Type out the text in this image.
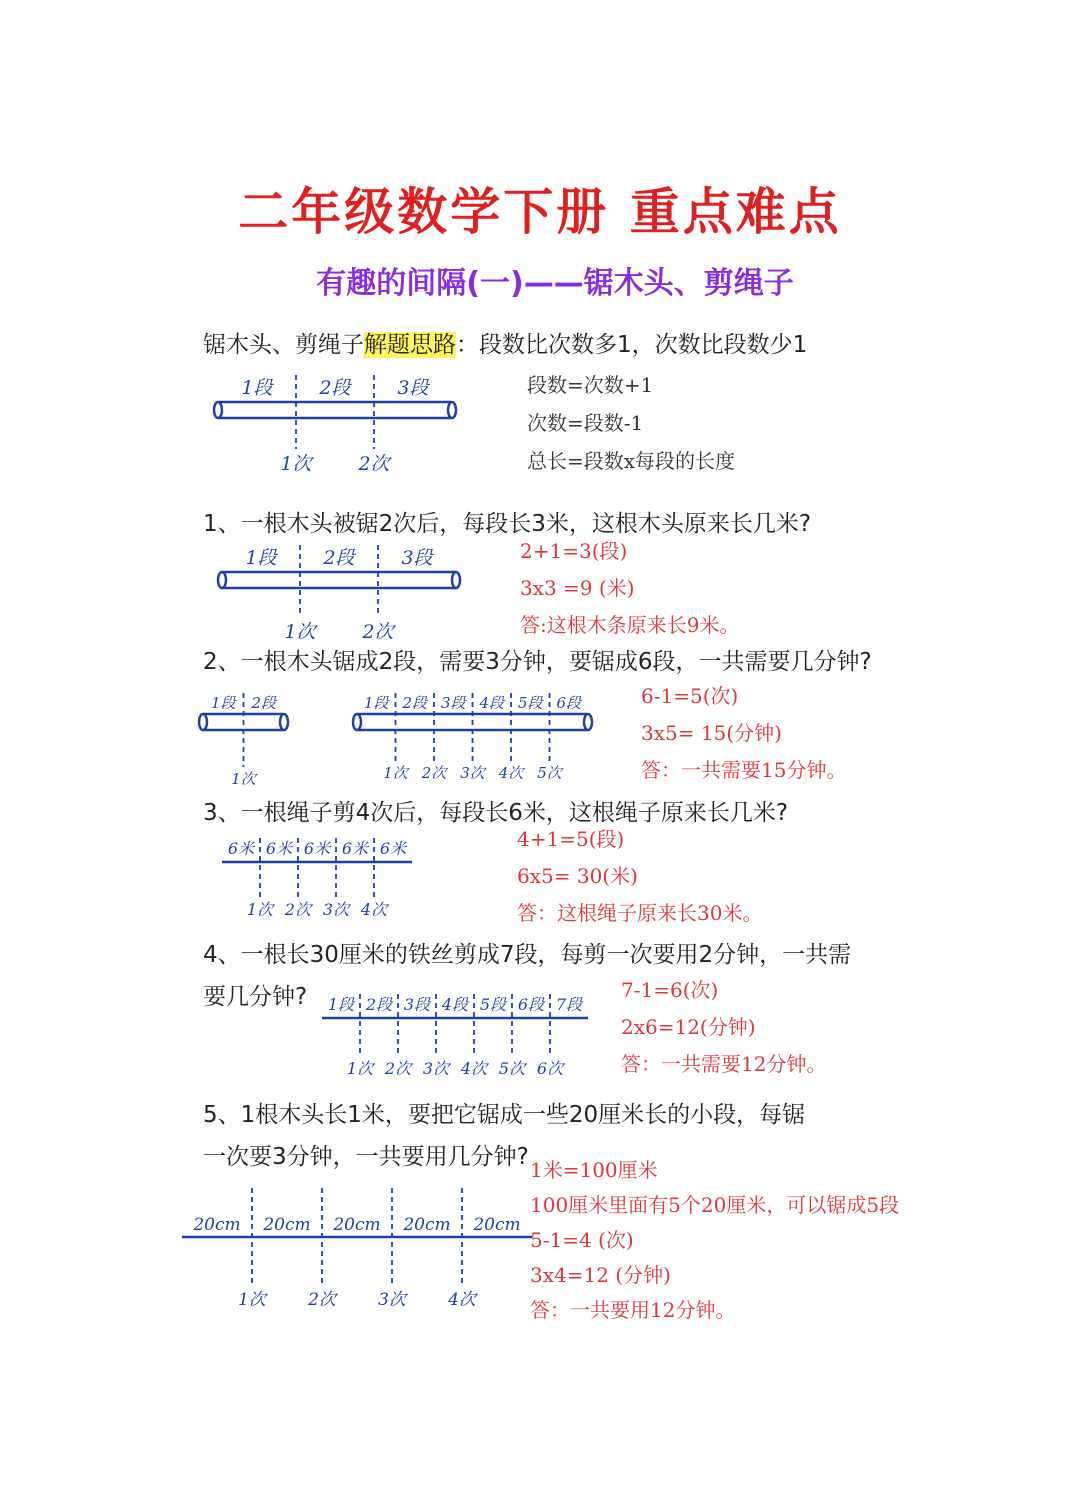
二年级数学下册 重点难点
有趣的间隔(一)——锯木头、剪绳子
锯木头、剪绳子解题思路：段数比次数多1，次数比段数少1
段数=次数+1
次数=段数-1
总长=段数x每段的长度
1段 2段 3段
1次 2次
1、一根木头被锯2次后，每段长3米，这根木头原来长几米?
2+1=3(段)
3x3 =9 (米)
答:这根木条原来长9米。
1段 2段 3段
1次 2次
2、一根木头锯成2段，需要3分钟，要锯成6段，一共需要几分钟?
6-1=5(次)
3x5= 15(分钟)
答：一共需要15分钟。
1段 2段
1次
1段 2段 3段 4段 5段 6段
1次 2次 3次 4次 5次
3、一根绳子剪4次后，每段长6米，这根绳子原来长几米?
4+1=5(段)
6x5= 30(米)
答：这根绳子原来长30米。
6米 6米 6米 6米 6米
1次 2次 3次 4次
4、一根长30厘米的铁丝剪成7段，每剪一次要用2分钟，一共需
要几分钟?	7-1=6(次)
2x6=12(分钟)
答：一共需要12分钟。
1段 2段 3段 4段 5段 6段 7段
1次 2次 3次 4次 5次 6次
5、1根木头长1米，要把它锯成一些20厘米长的小段，每锯
一次要3分钟，一共要用几分钟? 1米=100厘米
100厘米里面有5个20厘米，可以锯成5段
5-1=4 (次)
3x4=12 (分钟)
答：一共要用12分钟。
20cm 20cm 20cm 20cm 20cm
1次 2次 3次 4次
